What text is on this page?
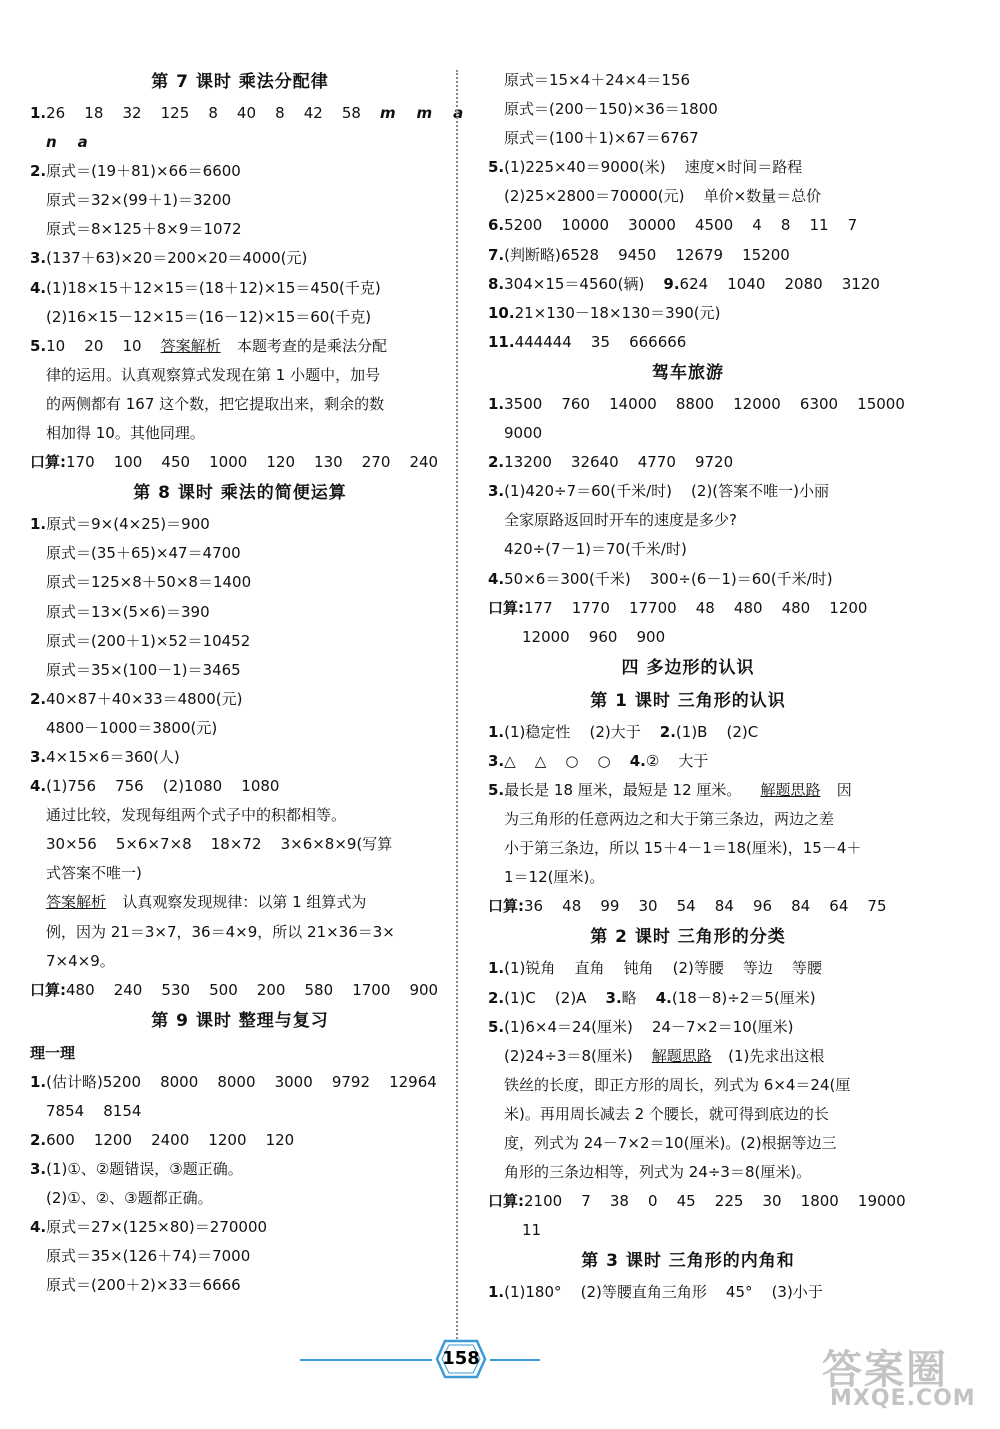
第 7 课时 乘法分配律
1.26    18    32    125    8    40    8    42    58    m    m    a
n    a
2.原式＝(19＋81)×66＝6600
原式＝32×(99＋1)＝3200
原式＝8×125＋8×9＝1072
3.(137＋63)×20＝200×20＝4000(元)
4.(1)18×15＋12×15＝(18＋12)×15＝450(千克)
(2)16×15－12×15＝(16－12)×15＝60(千克)
5.10    20    10    答案解析   本题考查的是乘法分配
律的运用。认真观察算式发现在第 1 小题中，加号
的两侧都有 167 这个数，把它提取出来，剩余的数
相加得 10。其他同理。
口算:170    100    450    1000    120    130    270    240
第 8 课时 乘法的简便运算
1.原式＝9×(4×25)＝900
原式＝(35＋65)×47＝4700
原式＝125×8＋50×8＝1400
原式＝13×(5×6)＝390
原式＝(200＋1)×52＝10452
原式＝35×(100－1)＝3465
2.40×87＋40×33＝4800(元)
4800－1000＝3800(元)
3.4×15×6＝360(人)
4.(1)756    756    (2)1080    1080
通过比较，发现每组两个式子中的积都相等。
30×56    5×6×7×8    18×72    3×6×8×9(写算
式答案不唯一)
答案解析   认真观察发现规律：以第 1 组算式为
例，因为 21＝3×7，36＝4×9，所以 21×36＝3×
7×4×9。
口算:480    240    530    500    200    580    1700    900
第 9 课时 整理与复习
理一理
1.(估计略)5200    8000    8000    3000    9792    12964
7854    8154
2.600    1200    2400    1200    120
3.(1)①、②题错误，③题正确。
(2)①、②、③题都正确。
4.原式＝27×(125×80)＝270000
原式＝35×(126＋74)＝7000
原式＝(200＋2)×33＝6666
原式＝15×4＋24×4＝156
原式＝(200－150)×36＝1800
原式＝(100＋1)×67＝6767
5.(1)225×40＝9000(米)    速度×时间＝路程
(2)25×2800＝70000(元)    单价×数量＝总价
6.5200    10000    30000    4500    4    8    11    7
7.(判断略)6528    9450    12679    15200
8.304×15＝4560(辆)    9.624    1040    2080    3120
10.21×130－18×130＝390(元)
11.444444    35    666666
驾车旅游
1.3500    760    14000    8800    12000    6300    15000
9000
2.13200    32640    4770    9720
3.(1)420÷7＝60(千米/时)    (2)(答案不唯一)小丽
全家原路返回时开车的速度是多少?
420÷(7－1)＝70(千米/时)
4.50×6＝300(千米)    300÷(6－1)＝60(千米/时)
口算:177    1770    17700    48    480    480    1200
12000    960    900
四 多边形的认识
第 1 课时 三角形的认识
1.(1)稳定性    (2)大于    2.(1)B    (2)C
3.△    △    ○    ○    4.②    大于
5.最长是 18 厘米，最短是 12 厘米。    解题思路   因
为三角形的任意两边之和大于第三条边，两边之差
小于第三条边，所以 15＋4－1＝18(厘米)，15－4＋
1＝12(厘米)。
口算:36    48    99    30    54    84    96    84    64    75
第 2 课时 三角形的分类
1.(1)锐角    直角    钝角    (2)等腰    等边    等腰
2.(1)C    (2)A    3.略    4.(18－8)÷2＝5(厘米)
5.(1)6×4＝24(厘米)    24－7×2＝10(厘米)
(2)24÷3＝8(厘米)    解题思路   (1)先求出这根
铁丝的长度，即正方形的周长，列式为 6×4＝24(厘
米)。再用周长减去 2 个腰长，就可得到底边的长
度，列式为 24－7×2＝10(厘米)。(2)根据等边三
角形的三条边相等，列式为 24÷3＝8(厘米)。
口算:2100    7    38    0    45    225    30    1800    19000
11
第 3 课时 三角形的内角和
1.(1)180°    (2)等腰直角三角形    45°    (3)小于
158	答案圈
MXQE.COM
